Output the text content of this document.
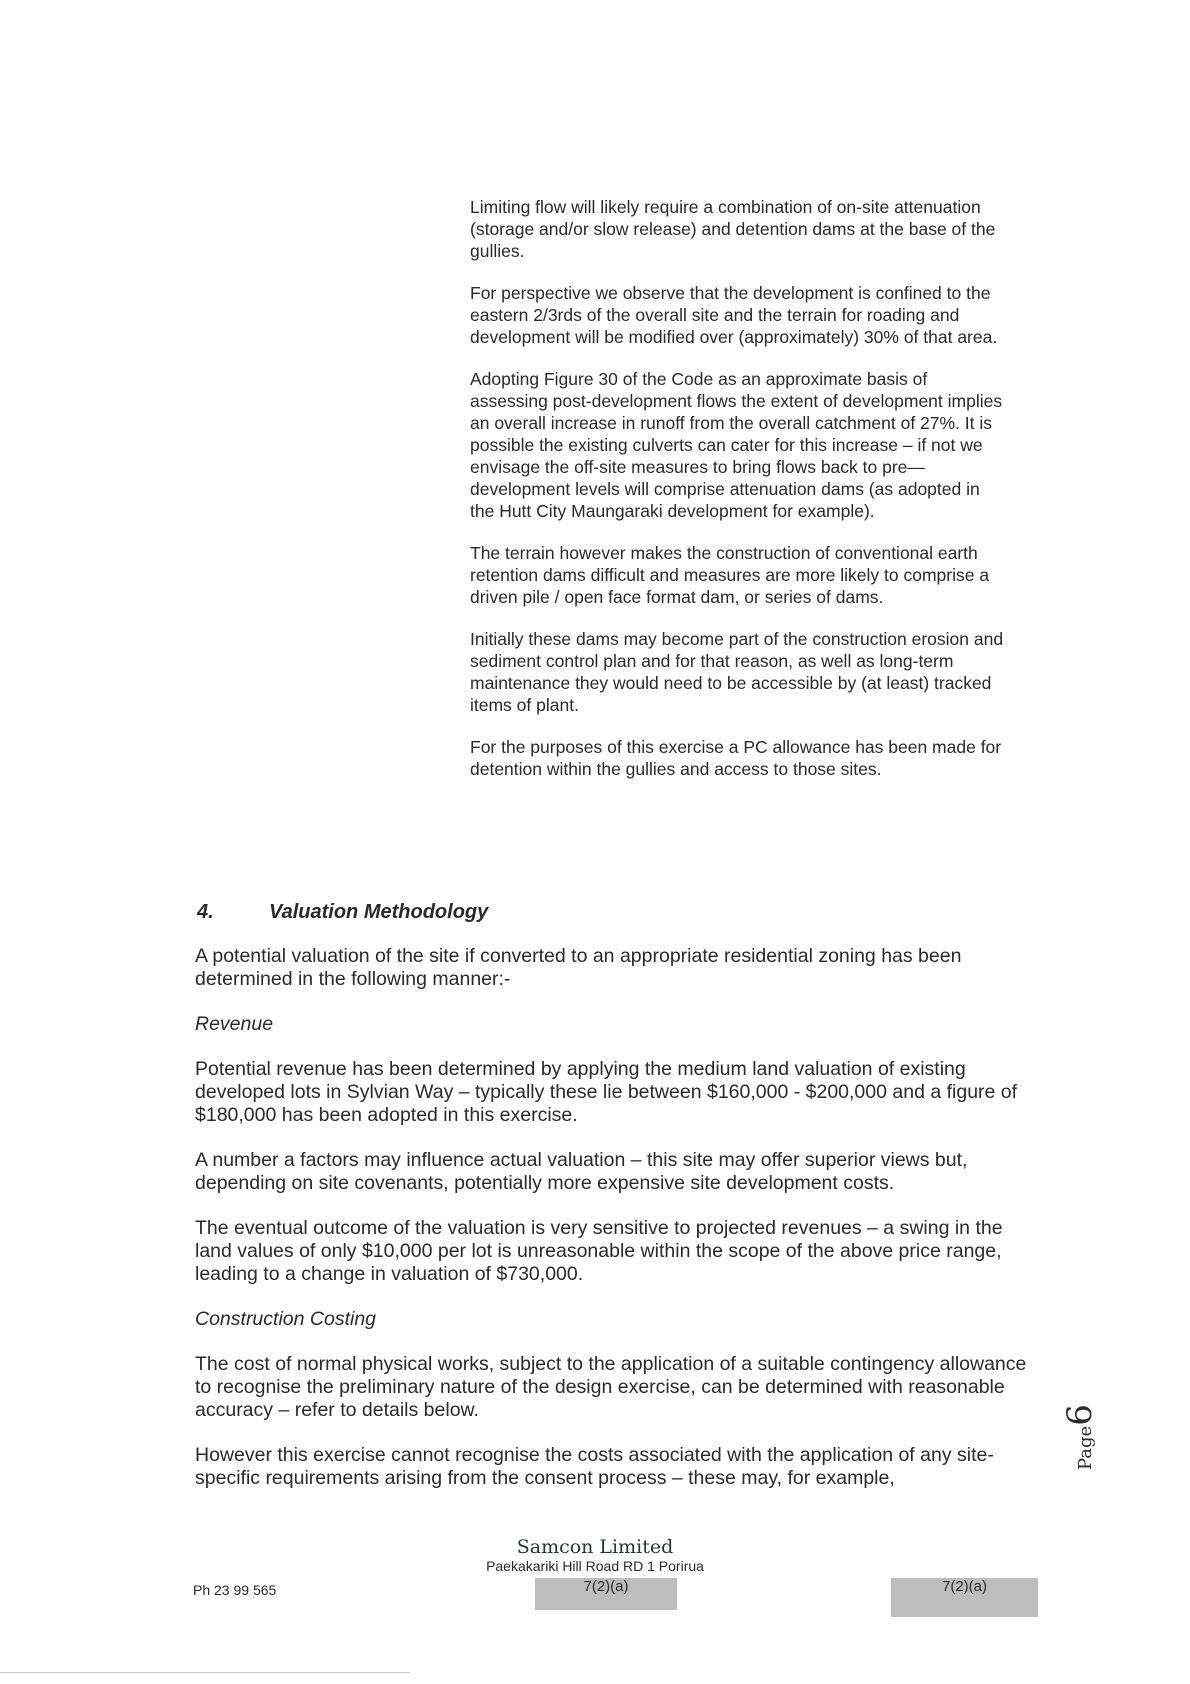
Limiting flow will likely require a combination of on-site attenuation (storage and/or slow release) and detention dams at the base of the gullies.

For perspective we observe that the development is confined to the eastern 2/3rds of the overall site and the terrain for roading and development will be modified over (approximately) 30% of that area.

Adopting Figure 30 of the Code as an approximate basis of assessing post-development flows the extent of development implies an overall increase in runoff from the overall catchment of 27%. It is possible the existing culverts can cater for this increase – if not we envisage the off-site measures to bring flows back to pre—development levels will comprise attenuation dams (as adopted in the Hutt City Maungaraki development for example).

The terrain however makes the construction of conventional earth retention dams difficult and measures are more likely to comprise a driven pile / open face format dam, or series of dams.

Initially these dams may become part of the construction erosion and sediment control plan and for that reason, as well as long-term maintenance they would need to be accessible by (at least) tracked items of plant.

For the purposes of this exercise a PC allowance has been made for detention within the gullies and access to those sites.

4.	Valuation Methodology

A potential valuation of the site if converted to an appropriate residential zoning has been determined in the following manner:-

Revenue

Potential revenue has been determined by applying the medium land valuation of existing developed lots in Sylvian Way – typically these lie between $160,000 - $200,000 and a figure of $180,000 has been adopted in this exercise.

A number a factors may influence actual valuation – this site may offer superior views but, depending on site covenants, potentially more expensive site development costs.

The eventual outcome of the valuation is very sensitive to projected revenues – a swing in the land values of only $10,000 per lot is unreasonable within the scope of the above price range, leading to a change in valuation of $730,000.

Construction Costing

The cost of normal physical works, subject to the application of a suitable contingency allowance to recognise the preliminary nature of the design exercise, can be determined with reasonable accuracy – refer to details below.

However this exercise cannot recognise the costs associated with the application of any site-specific requirements arising from the consent process – these may, for example,

Samcon Limited
Paekakariki Hill Road RD 1 Porirua
Ph 23 99 565	7(2)(a)	7(2)(a)
Page6
